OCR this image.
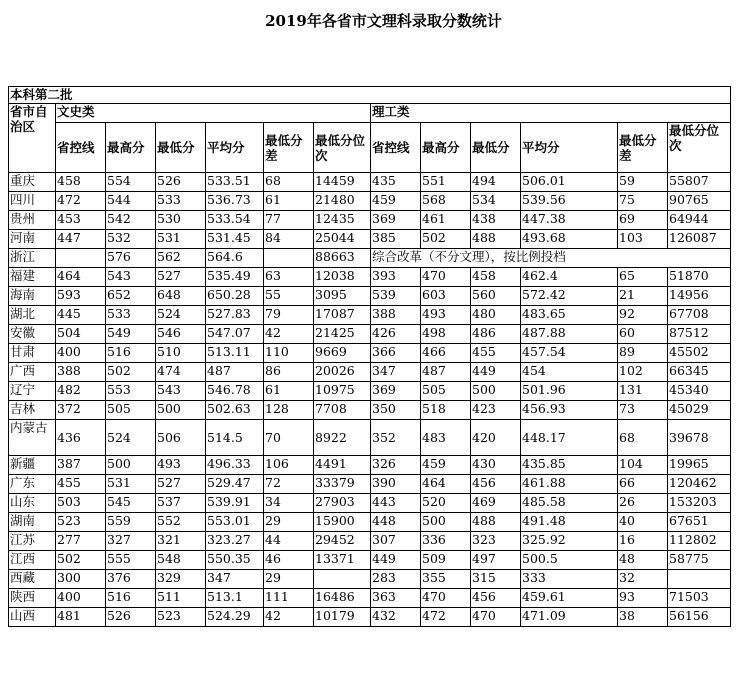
2019年各省市文理科录取分数统计
本科第二批												
省市自治区	文史类						理工类					
	省控线	最高分	最低分	平均分	最低分差	最低分位次	省控线	最高分	最低分	平均分	最低分差	最低分位次
重庆	458	554	526	533.51	68	14459	435	551	494	506.01	59	55807
四川	472	544	533	536.73	61	21480	459	568	534	539.56	75	90765
贵州	453	542	530	533.54	77	12435	369	461	438	447.38	69	64944
河南	447	532	531	531.45	84	25044	385	502	488	493.68	103	126087
浙江		576	562	564.6		88663	综合改革（不分文理），按比例投档					
福建	464	543	527	535.49	63	12038	393	470	458	462.4	65	51870
海南	593	652	648	650.28	55	3095	539	603	560	572.42	21	14956
湖北	445	533	524	527.83	79	17087	388	493	480	483.65	92	67708
安徽	504	549	546	547.07	42	21425	426	498	486	487.88	60	87512
甘肃	400	516	510	513.11	110	9669	366	466	455	457.54	89	45502
广西	388	502	474	487	86	20026	347	487	449	454	102	66345
辽宁	482	553	543	546.78	61	10975	369	505	500	501.96	131	45340
吉林	372	505	500	502.63	128	7708	350	518	423	456.93	73	45029
内蒙古	436	524	506	514.5	70	8922	352	483	420	448.17	68	39678
新疆	387	500	493	496.33	106	4491	326	459	430	435.85	104	19965
广东	455	531	527	529.47	72	33379	390	464	456	461.88	66	120462
山东	503	545	537	539.91	34	27903	443	520	469	485.58	26	153203
湖南	523	559	552	553.01	29	15900	448	500	488	491.48	40	67651
江苏	277	327	321	323.27	44	29452	307	336	323	325.92	16	112802
江西	502	555	548	550.35	46	13371	449	509	497	500.5	48	58775
西藏	300	376	329	347	29		283	355	315	333	32	
陕西	400	516	511	513.1	111	16486	363	470	456	459.61	93	71503
山西	481	526	523	524.29	42	10179	432	472	470	471.09	38	56156
